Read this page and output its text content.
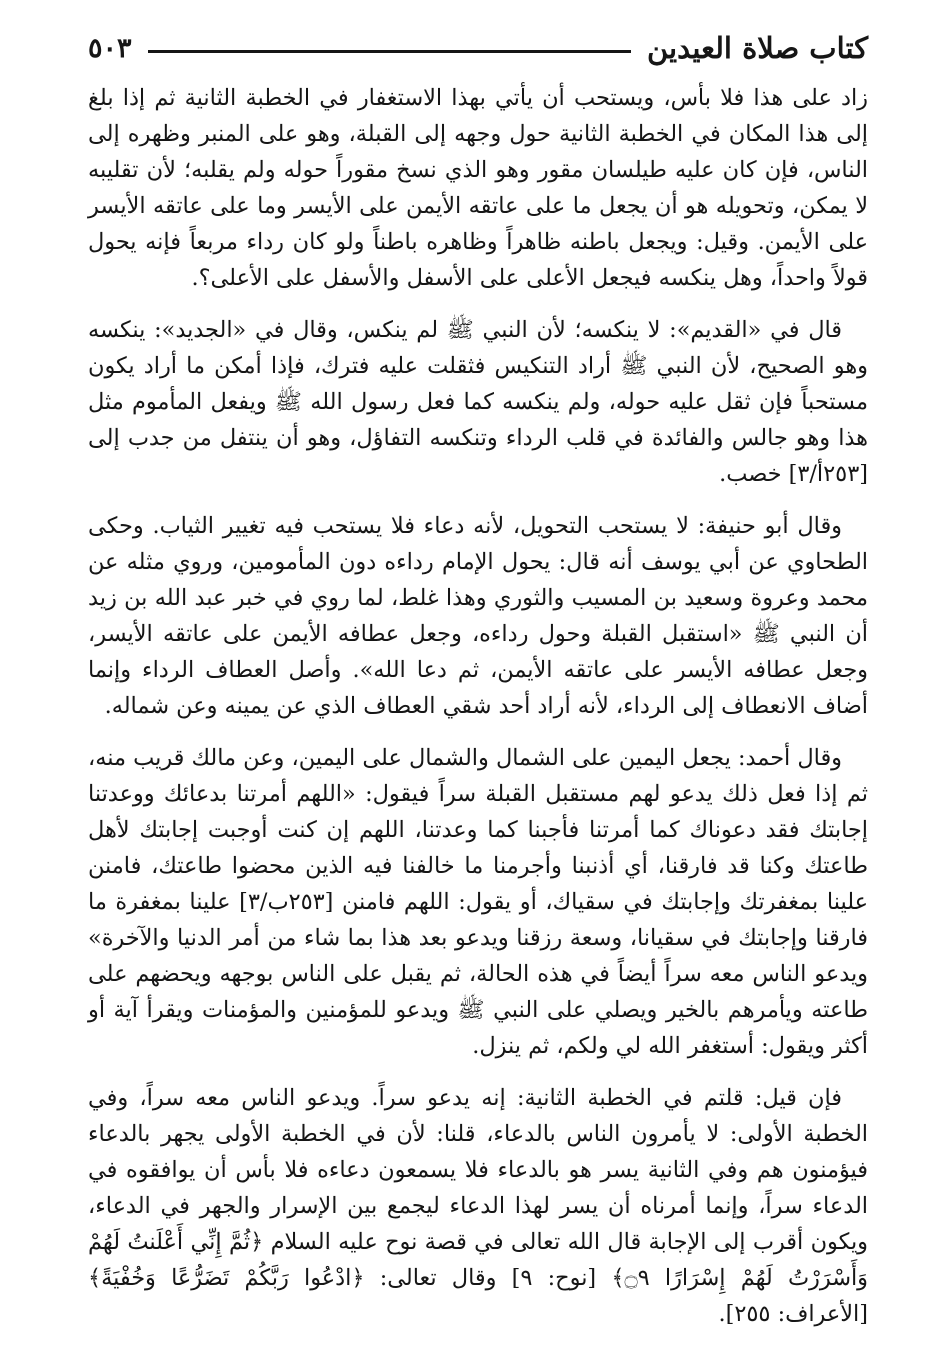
كتاب صلاة العيدين
٥٠٣

زاد على هذا فلا بأس، ويستحب أن يأتي بهذا الاستغفار في الخطبة الثانية ثم إذا بلغ إلى هذا المكان في الخطبة الثانية حول وجهه إلى القبلة، وهو على المنبر وظهره إلى الناس، فإن كان عليه طيلسان مقور وهو الذي نسخ مقوراً حوله ولم يقلبه؛ لأن تقليبه لا يمكن، وتحويله هو أن يجعل ما على عاتقه الأيمن على الأيسر وما على عاتقه الأيسر على الأيمن. وقيل: ويجعل باطنه ظاهراً وظاهره باطناً ولو كان رداء مربعاً فإنه يحول قولاً واحداً، وهل ينكسه فيجعل الأعلى على الأسفل والأسفل على الأعلى؟.

قال في «القديم»: لا ينكسه؛ لأن النبي ﷺ لم ينكس، وقال في «الجديد»: ينكسه وهو الصحيح، لأن النبي ﷺ أراد التنكيس فثقلت عليه فترك، فإذا أمكن ما أراد يكون مستحباً فإن ثقل عليه حوله، ولم ينكسه كما فعل رسول الله ﷺ ويفعل المأموم مثل هذا وهو جالس والفائدة في قلب الرداء وتنكسه التفاؤل، وهو أن ينتفل من جدب إلى [٢٥٣أ/٣] خصب.

وقال أبو حنيفة: لا يستحب التحويل، لأنه دعاء فلا يستحب فيه تغيير الثياب. وحكى الطحاوي عن أبي يوسف أنه قال: يحول الإمام رداءه دون المأمومين، وروي مثله عن محمد وعروة وسعيد بن المسيب والثوري وهذا غلط، لما روي في خبر عبد الله بن زيد أن النبي ﷺ «استقبل القبلة وحول رداءه، وجعل عطافه الأيمن على عاتقه الأيسر، وجعل عطافه الأيسر على عاتقه الأيمن، ثم دعا الله». وأصل العطاف الرداء وإنما أضاف الانعطاف إلى الرداء، لأنه أراد أحد شقي العطاف الذي عن يمينه وعن شماله.

وقال أحمد: يجعل اليمين على الشمال والشمال على اليمين، وعن مالك قريب منه، ثم إذا فعل ذلك يدعو لهم مستقبل القبلة سراً فيقول: «اللهم أمرتنا بدعائك ووعدتنا إجابتك فقد دعوناك كما أمرتنا فأجبنا كما وعدتنا، اللهم إن كنت أوجبت إجابتك لأهل طاعتك وكنا قد فارقنا، أي أذنبنا وأجرمنا ما خالفنا فيه الذين محضوا طاعتك، فامنن علينا بمغفرتك وإجابتك في سقياك، أو يقول: اللهم فامنن [٢٥٣ب/٣] علينا بمغفرة ما فارقنا وإجابتك في سقيانا، وسعة رزقنا ويدعو بعد هذا بما شاء من أمر الدنيا والآخرة» ويدعو الناس معه سراً أيضاً في هذه الحالة، ثم يقبل على الناس بوجهه ويحضهم على طاعته ويأمرهم بالخير ويصلي على النبي ﷺ ويدعو للمؤمنين والمؤمنات ويقرأ آية أو أكثر ويقول: أستغفر الله لي ولكم، ثم ينزل.

فإن قيل: قلتم في الخطبة الثانية: إنه يدعو سراً. ويدعو الناس معه سراً، وفي الخطبة الأولى: لا يأمرون الناس بالدعاء، قلنا: لأن في الخطبة الأولى يجهر بالدعاء فيؤمنون هم وفي الثانية يسر هو بالدعاء فلا يسمعون دعاءه فلا بأس أن يوافقوه في الدعاء سراً، وإنما أمرناه أن يسر لهذا الدعاء ليجمع بين الإسرار والجهر في الدعاء، ويكون أقرب إلى الإجابة قال الله تعالى في قصة نوح عليه السلام ﴿ثُمَّ إِنِّي أَعْلَنتُ لَهُمْ وَأَسْرَرْتُ لَهُمْ إِسْرَارًا ۝٩﴾ [نوح: ٩] وقال تعالى: ﴿ادْعُوا رَبَّكُمْ تَضَرُّعًا وَخُفْيَةً﴾ [الأعراف: ٢٥٥].
